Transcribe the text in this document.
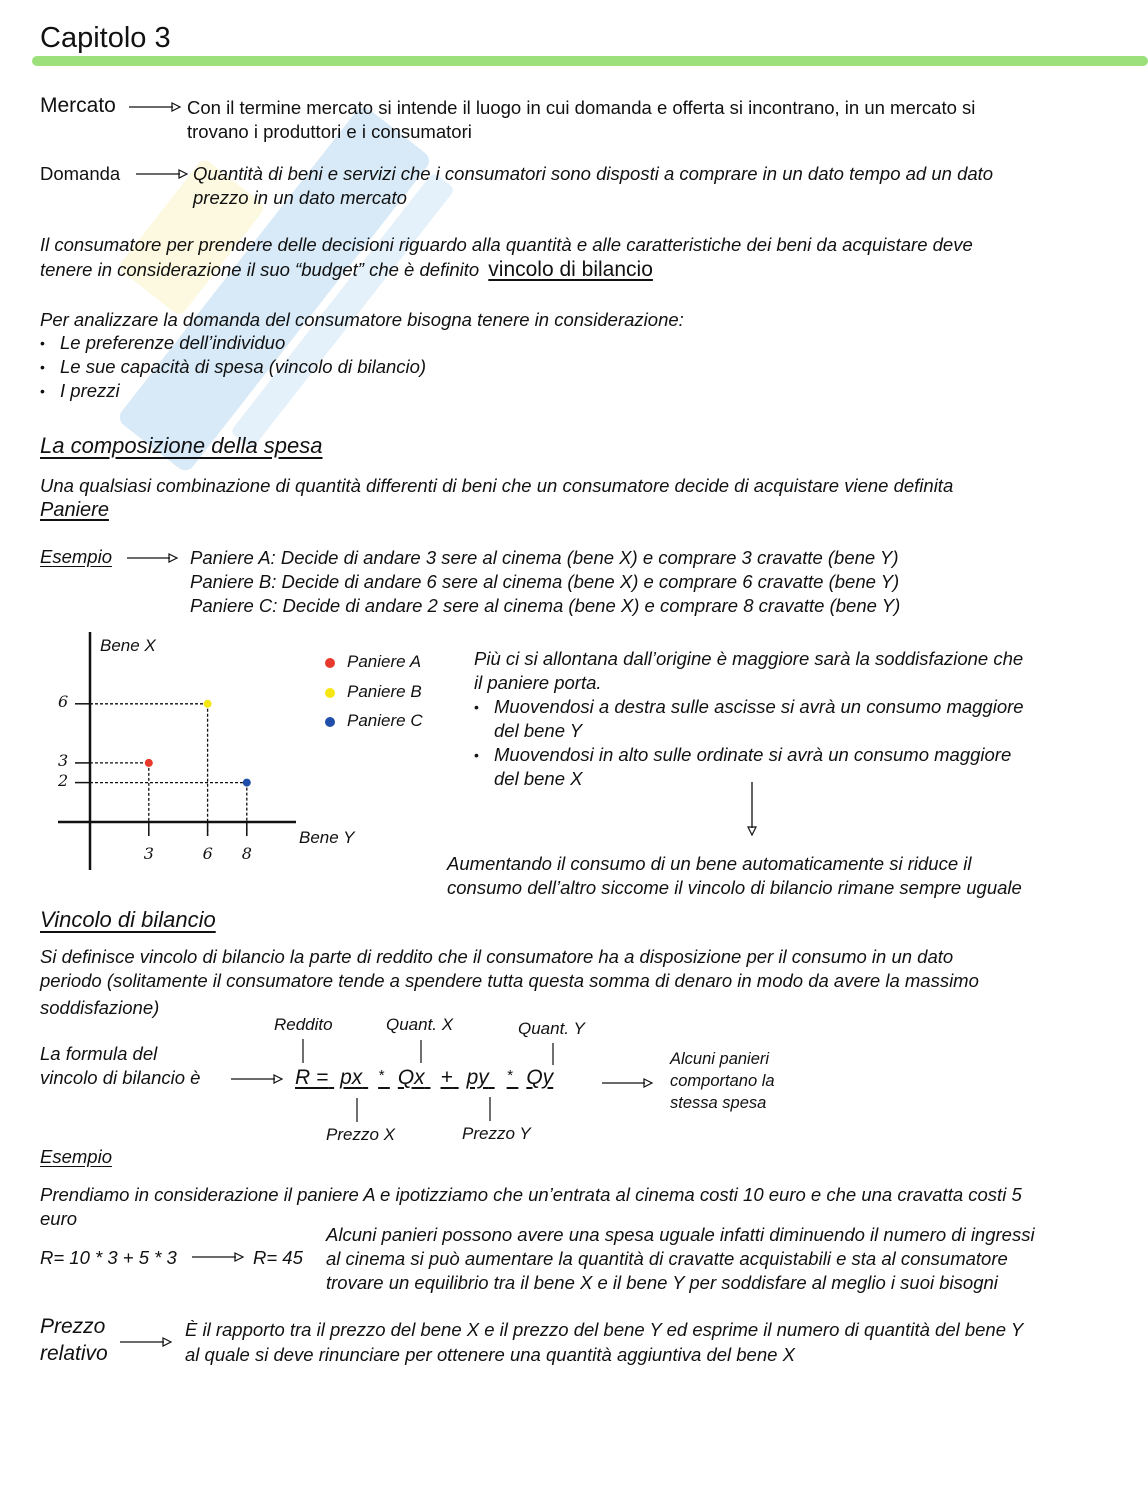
Capitolo 3
Mercato	Con il termine mercato si intende il luogo in cui domanda e offerta si incontrano, in un mercato si
trovano i produttori e i consumatori
Domanda	Quantità di beni e servizi che i consumatori sono disposti a comprare in un dato tempo ad un dato
prezzo in un dato mercato
Il consumatore per prendere delle decisioni riguardo alla quantità e alle caratteristiche dei beni da acquistare deve
tenere in considerazione il suo “budget” che è definito vincolo di bilancio
Per analizzare la domanda del consumatore bisogna tenere in considerazione:
• Le preferenze dell’individuo
• Le sue capacità di spesa (vincolo di bilancio)
• I prezzi
La composizione della spesa
Una qualsiasi combinazione di quantità differenti di beni che un consumatore decide di acquistare viene definita
Paniere
Esempio	Paniere A: Decide di andare 3 sere al cinema (bene X) e comprare 3 cravatte (bene Y)
Paniere B: Decide di andare 6 sere al cinema (bene X) e comprare 6 cravatte (bene Y)
Paniere C: Decide di andare 2 sere al cinema (bene X) e comprare 8 cravatte (bene Y)
Bene X
Bene Y
3	6 8
6
3
2
Paniere A
Paniere B
Paniere C
Più ci si allontana dall’origine è maggiore sarà la soddisfazione che
il paniere porta.
• Muovendosi a destra sulle ascisse si avrà un consumo maggiore
del bene Y
• Muovendosi in alto sulle ordinate si avrà un consumo maggiore
del bene X
Aumentando il consumo di un bene automaticamente si riduce il
consumo dell’altro siccome il vincolo di bilancio rimane sempre uguale
Vincolo di bilancio
Si definisce vincolo di bilancio la parte di reddito che il consumatore ha a disposizione per il consumo in un dato
periodo (solitamente il consumatore tende a spendere tutta questa somma di denaro in modo da avere la massimo
soddisfazione)
La formula del
vincolo di bilancio è
Reddito	Quant. X	Quant. Y
R = px * Qx + py * Qy
Prezzo X	Prezzo Y
Alcuni panieri
comportano la
stessa spesa
Esempio
Prendiamo in considerazione il paniere A e ipotizziamo che un’entrata al cinema costi 10 euro e che una cravatta costi 5
euro
R= 10 * 3 + 5 * 3	R= 45
Alcuni panieri possono avere una spesa uguale infatti diminuendo il numero di ingressi
al cinema si può aumentare la quantità di cravatte acquistabili e sta al consumatore
trovare un equilibrio tra il bene X e il bene Y per soddisfare al meglio i suoi bisogni
Prezzo
relativo
È il rapporto tra il prezzo del bene X e il prezzo del bene Y ed esprime il numero di quantità del bene Y
al quale si deve rinunciare per ottenere una quantità aggiuntiva del bene X
